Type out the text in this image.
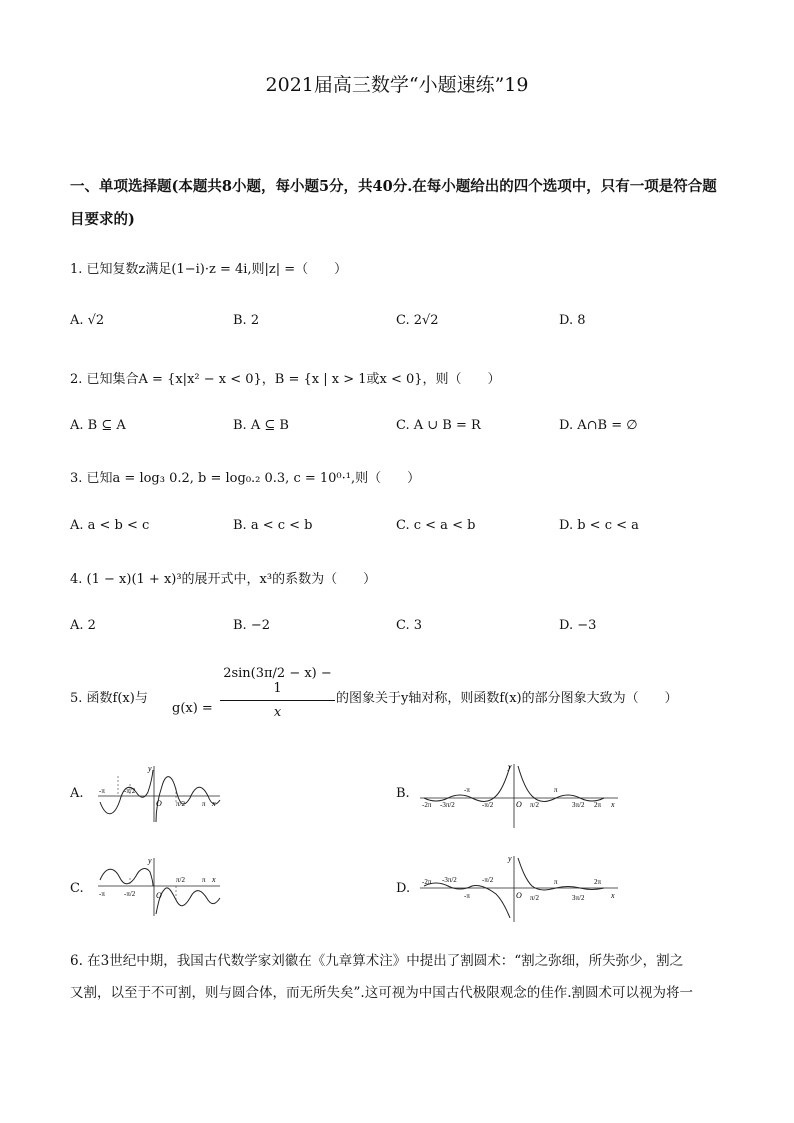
2021届高三数学“小题速练”19
一、单项选择题(本题共8小题，每小题5分，共40分.在每小题给出的四个选项中，只有一项是符合题目要求的)
1. 已知复数z满足(1−i)·z = 4i,则|z| =（　　）
A. √2	B. 2	C. 2√2	D. 8
2. 已知集合A = {x|x² − x < 0}，B = {x | x > 1或x < 0}，则（　　）
A. B ⊆ A	B. A ⊆ B	C. A ∪ B = R	D. A∩B = ∅
3. 已知a = log₃ 0.2, b = log₀.₂ 0.3, c = 10⁰·¹,则（　　）
A. a < b < c	B. a < c < b	C. c < a < b	D. b < c < a
4. (1 − x)(1 + x)³的展开式中，x³的系数为（　　）
A. 2	B. −2	C. 3	D. −3
5. 函数f(x)与
$g(x) = \frac{2\sin(3\pi/2 - x) - 1}{x}$ 的图象关于y轴对称，则函数f(x)的部分图象大致为（　　）
A.	B.
C.	D.
y
-π	-π/2
O π/2 π x
y
-2π -3π/2
-π
-π/2	O π/2
π
3π/2 2π x
y
-π	-π/2	O
π/2 π x
y
-2π -3π/2
-π
-π/2
O π/2
π
3π/2
2π
x
6. 在3世纪中期，我国古代数学家刘徽在《九章算术注》中提出了割圆术：“割之弥细，所失弥少，割之
又割，以至于不可割，则与圆合体，而无所失矣”.这可视为中国古代极限观念的佳作.割圆术可以视为将一
